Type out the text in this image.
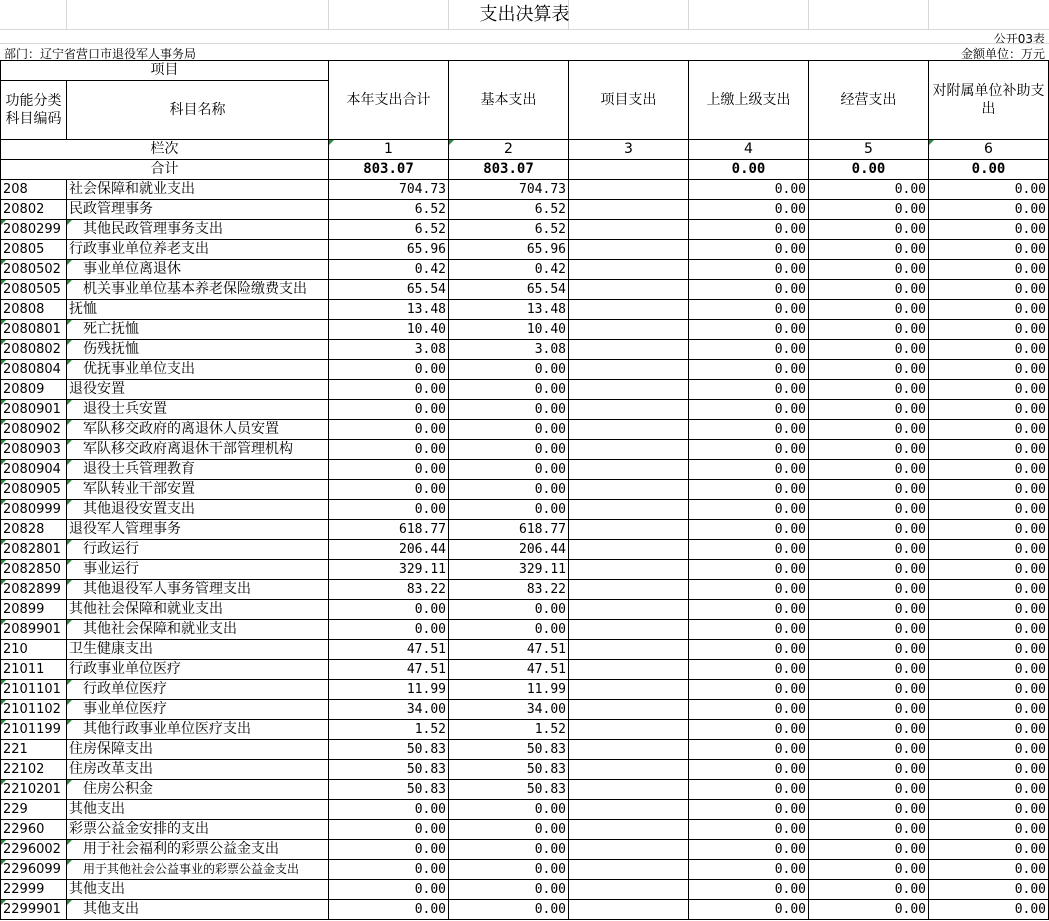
支出决算表
公开03表
部门：辽宁省营口市退役军人事务局	金额单位：万元
项目		本年支出合计	基本支出	项目支出	上缴上级支出	经营支出	对附属单位补助支出
功能分类科目编码	科目名称						
栏次		1	2	3	4	5	6
合计		803.07	803.07		0.00	0.00	0.00
208	社会保障和就业支出	704.73	704.73		0.00	0.00	0.00
20802	民政管理事务	6.52	6.52		0.00	0.00	0.00
2080299	其他民政管理事务支出	6.52	6.52		0.00	0.00	0.00
20805	行政事业单位养老支出	65.96	65.96		0.00	0.00	0.00
2080502	事业单位离退休	0.42	0.42		0.00	0.00	0.00
2080505	机关事业单位基本养老保险缴费支出	65.54	65.54		0.00	0.00	0.00
20808	抚恤	13.48	13.48		0.00	0.00	0.00
2080801	死亡抚恤	10.40	10.40		0.00	0.00	0.00
2080802	伤残抚恤	3.08	3.08		0.00	0.00	0.00
2080804	优抚事业单位支出	0.00	0.00		0.00	0.00	0.00
20809	退役安置	0.00	0.00		0.00	0.00	0.00
2080901	退役士兵安置	0.00	0.00		0.00	0.00	0.00
2080902	军队移交政府的离退休人员安置	0.00	0.00		0.00	0.00	0.00
2080903	军队移交政府离退休干部管理机构	0.00	0.00		0.00	0.00	0.00
2080904	退役士兵管理教育	0.00	0.00		0.00	0.00	0.00
2080905	军队转业干部安置	0.00	0.00		0.00	0.00	0.00
2080999	其他退役安置支出	0.00	0.00		0.00	0.00	0.00
20828	退役军人管理事务	618.77	618.77		0.00	0.00	0.00
2082801	行政运行	206.44	206.44		0.00	0.00	0.00
2082850	事业运行	329.11	329.11		0.00	0.00	0.00
2082899	其他退役军人事务管理支出	83.22	83.22		0.00	0.00	0.00
20899	其他社会保障和就业支出	0.00	0.00		0.00	0.00	0.00
2089901	其他社会保障和就业支出	0.00	0.00		0.00	0.00	0.00
210	卫生健康支出	47.51	47.51		0.00	0.00	0.00
21011	行政事业单位医疗	47.51	47.51		0.00	0.00	0.00
2101101	行政单位医疗	11.99	11.99		0.00	0.00	0.00
2101102	事业单位医疗	34.00	34.00		0.00	0.00	0.00
2101199	其他行政事业单位医疗支出	1.52	1.52		0.00	0.00	0.00
221	住房保障支出	50.83	50.83		0.00	0.00	0.00
22102	住房改革支出	50.83	50.83		0.00	0.00	0.00
2210201	住房公积金	50.83	50.83		0.00	0.00	0.00
229	其他支出	0.00	0.00		0.00	0.00	0.00
22960	彩票公益金安排的支出	0.00	0.00		0.00	0.00	0.00
2296002	用于社会福利的彩票公益金支出	0.00	0.00		0.00	0.00	0.00
2296099	用于其他社会公益事业的彩票公益金支出	0.00	0.00		0.00	0.00	0.00
22999	其他支出	0.00	0.00		0.00	0.00	0.00
2299901	其他支出	0.00	0.00		0.00	0.00	0.00
